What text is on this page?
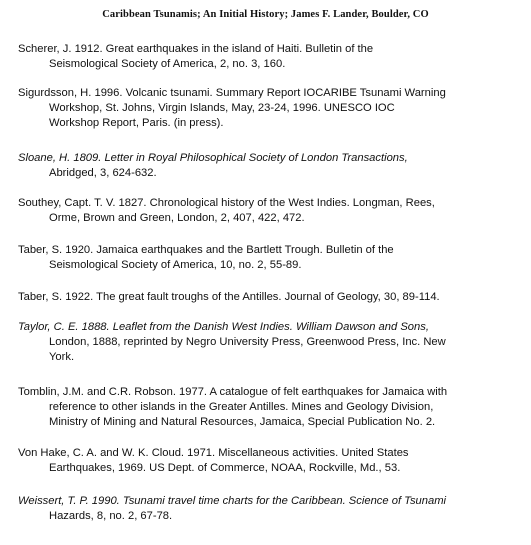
Caribbean Tsunamis; An Initial History; James F. Lander, Boulder, CO
Scherer, J. 1912. Great earthquakes in the island of Haiti. Bulletin of the
Seismological Society of America, 2, no. 3, 160.
Sigurdsson, H. 1996. Volcanic tsunami. Summary Report IOCARIBE Tsunami Warning
Workshop, St. Johns, Virgin Islands, May, 23-24, 1996. UNESCO IOC
Workshop Report, Paris. (in press).
Sloane, H. 1809. Letter in Royal Philosophical Society of London Transactions,
Abridged, 3, 624-632.
Southey, Capt. T. V. 1827. Chronological history of the West Indies. Longman, Rees,
Orme, Brown and Green, London, 2, 407, 422, 472.
Taber, S. 1920. Jamaica earthquakes and the Bartlett Trough. Bulletin of the
Seismological Society of America, 10, no. 2, 55-89.
Taber, S. 1922. The great fault troughs of the Antilles. Journal of Geology, 30, 89-114.
Taylor, C. E. 1888. Leaflet from the Danish West Indies. William Dawson and Sons,
London, 1888, reprinted by Negro University Press, Greenwood Press, Inc. New
York.
Tomblin, J.M. and C.R. Robson. 1977. A catalogue of felt earthquakes for Jamaica with
reference to other islands in the Greater Antilles. Mines and Geology Division,
Ministry of Mining and Natural Resources, Jamaica, Special Publication No. 2.
Von Hake, C. A. and W. K. Cloud. 1971. Miscellaneous activities. United States
Earthquakes, 1969. US Dept. of Commerce, NOAA, Rockville, Md., 53.
Weissert, T. P. 1990. Tsunami travel time charts for the Caribbean. Science of Tsunami
Hazards, 8, no. 2, 67-78.
